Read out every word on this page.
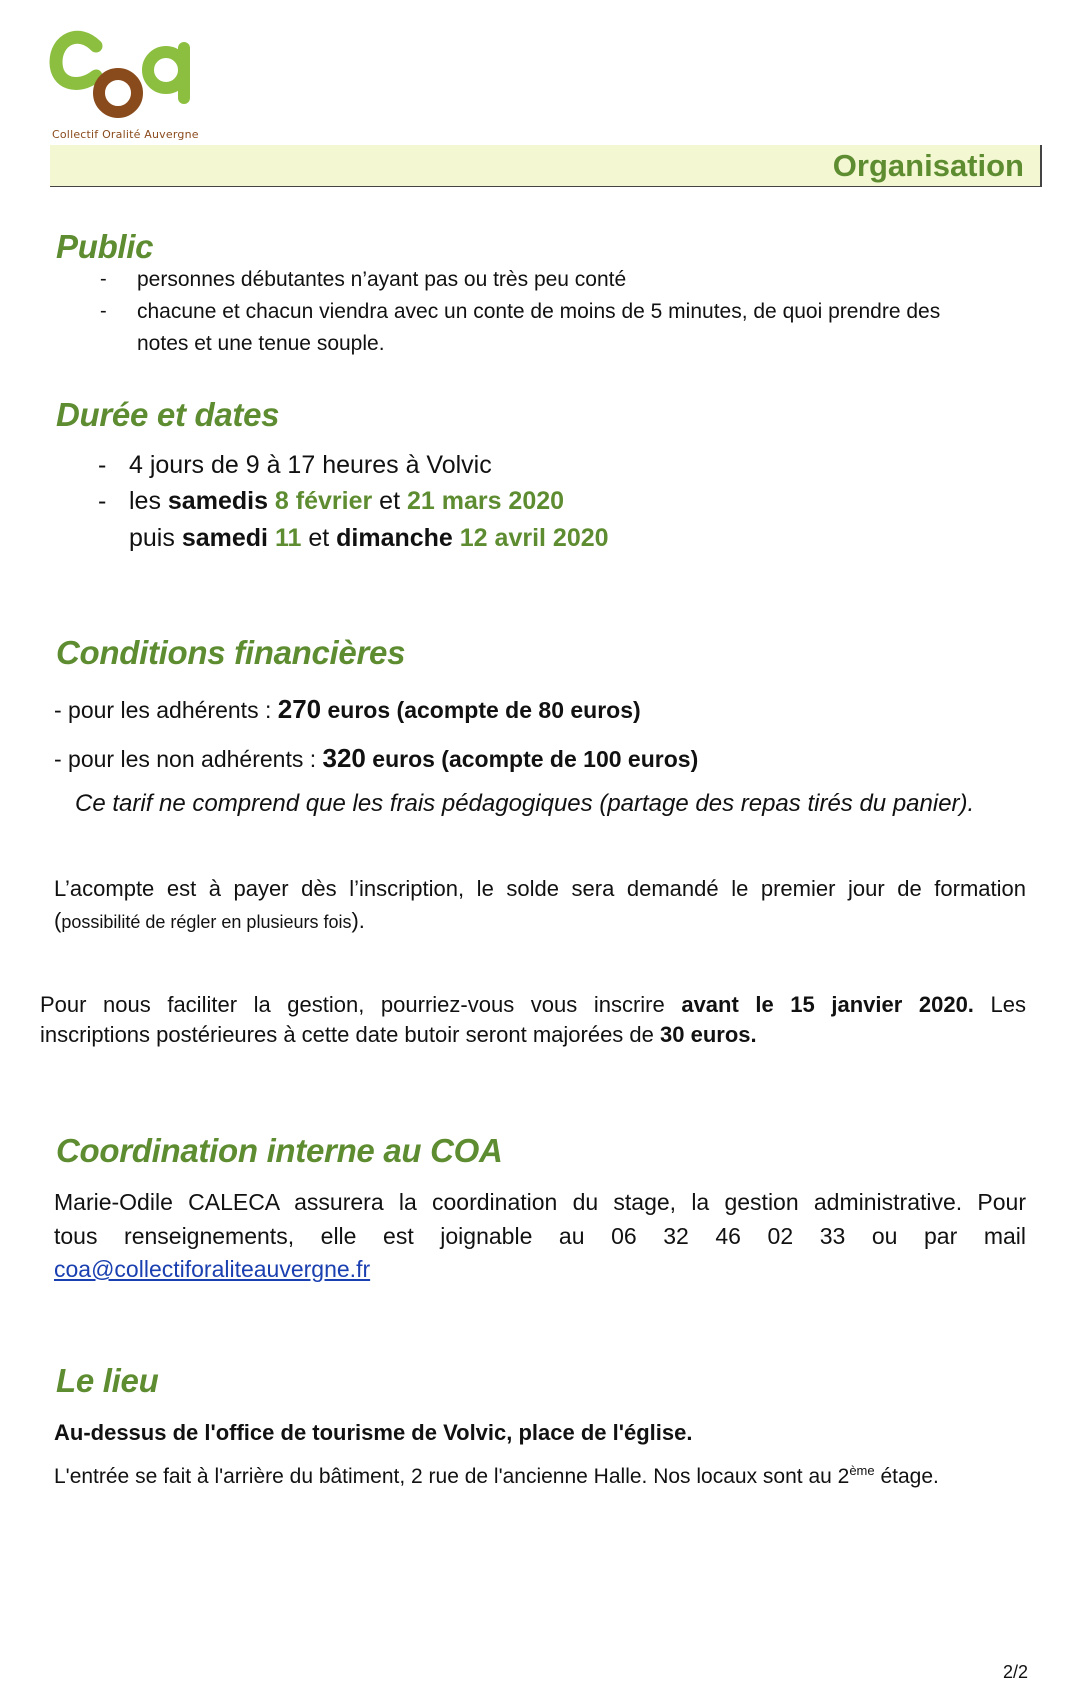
Collectif Oralité Auvergne
Organisation
Public
- personnes débutantes n’ayant pas ou très peu conté

- chacune et chacun viendra avec un conte de moins de 5 minutes, de quoi prendre des

notes et une tenue souple.

Durée et dates
- 4 jours de 9 à 17 heures à Volvic

- les samedis 8 février et 21 mars 2020

puis samedi 11 et dimanche 12 avril 2020

Conditions financières

- pour les adhérents : 270 euros (acompte de 80 euros)

- pour les non adhérents : 320 euros (acompte de 100 euros)

Ce tarif ne comprend que les frais pédagogiques (partage des repas tirés du panier).

L’acompte est à payer dès l’inscription, le solde sera demandé le premier jour de formation

(possibilité de régler en plusieurs fois).

Pour nous faciliter la gestion, pourriez-vous vous inscrire avant le 15 janvier 2020. Les

inscriptions postérieures à cette date butoir seront majorées de 30 euros.

Coordination interne au COA

Marie-Odile CALECA assurera la coordination du stage, la gestion administrative. Pour

tous renseignements, elle est joignable au 06 32 46 02 33 ou par mail

coa@collectiforaliteauvergne.fr

Le lieu

Au-dessus de l'office de tourisme de Volvic, place de l'église.

L'entrée se fait à l'arrière du bâtiment, 2 rue de l'ancienne Halle. Nos locaux sont au 2ème étage.

2/2
